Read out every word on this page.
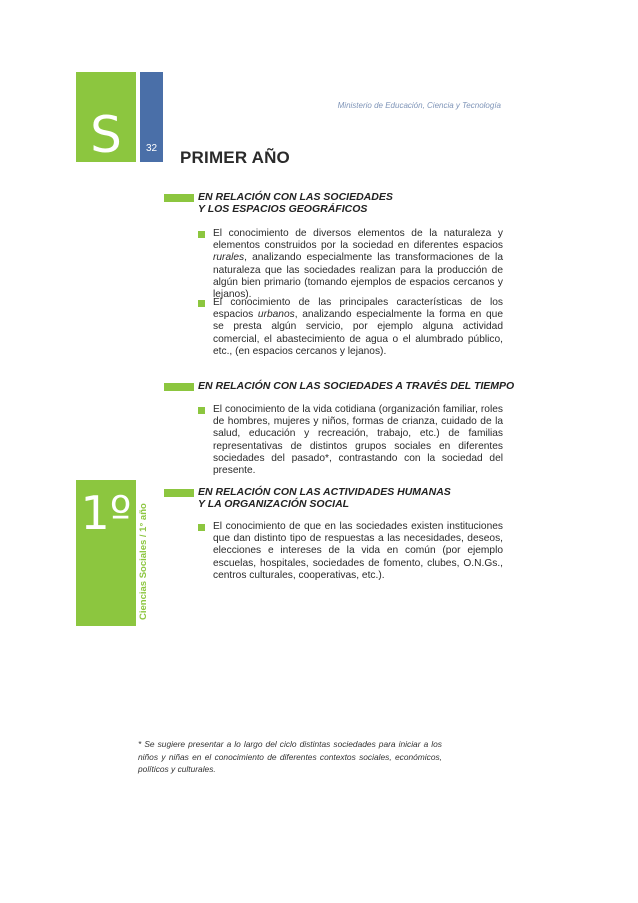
S	32
Ministerio de Educación, Ciencia y Tecnología
PRIMER AÑO
EN RELACIÓN CON LAS SOCIEDADES
Y LOS ESPACIOS GEOGRÁFICOS
El conocimiento de diversos elementos de la naturaleza y elementos construidos por la sociedad en diferentes espacios rurales, analizando especialmente las transformaciones de la naturaleza que las sociedades realizan para la producción de algún bien primario (tomando ejemplos de espacios cercanos y lejanos).
El conocimiento de las principales características de los espacios urbanos, analizando especialmente la forma en que se presta algún servicio, por ejemplo alguna actividad comercial, el abastecimiento de agua o el alumbrado público, etc., (en espacios cercanos y lejanos).
EN RELACIÓN CON LAS SOCIEDADES A TRAVÉS DEL TIEMPO
El conocimiento de la vida cotidiana (organización familiar, roles de hombres, mujeres y niños, formas de crianza, cuidado de la salud, educación y recreación, trabajo, etc.) de familias representativas de distintos grupos sociales en diferentes sociedades del pasado*, contrastando con la sociedad del presente.
EN RELACIÓN CON LAS ACTIVIDADES HUMANAS
Y LA ORGANIZACIÓN SOCIAL
El conocimiento de que en las sociedades existen instituciones que dan distinto tipo de respuestas a las necesidades, deseos, elecciones e intereses de la vida en común (por ejemplo escuelas, hospitales, sociedades de fomento, clubes, O.N.Gs., centros culturales, cooperativas, etc.).
1º Ciencias Sociales / 1° año
* Se sugiere presentar a lo largo del ciclo distintas sociedades para iniciar a los niños y niñas en el conocimiento de diferentes contextos sociales, económicos, políticos y culturales.
